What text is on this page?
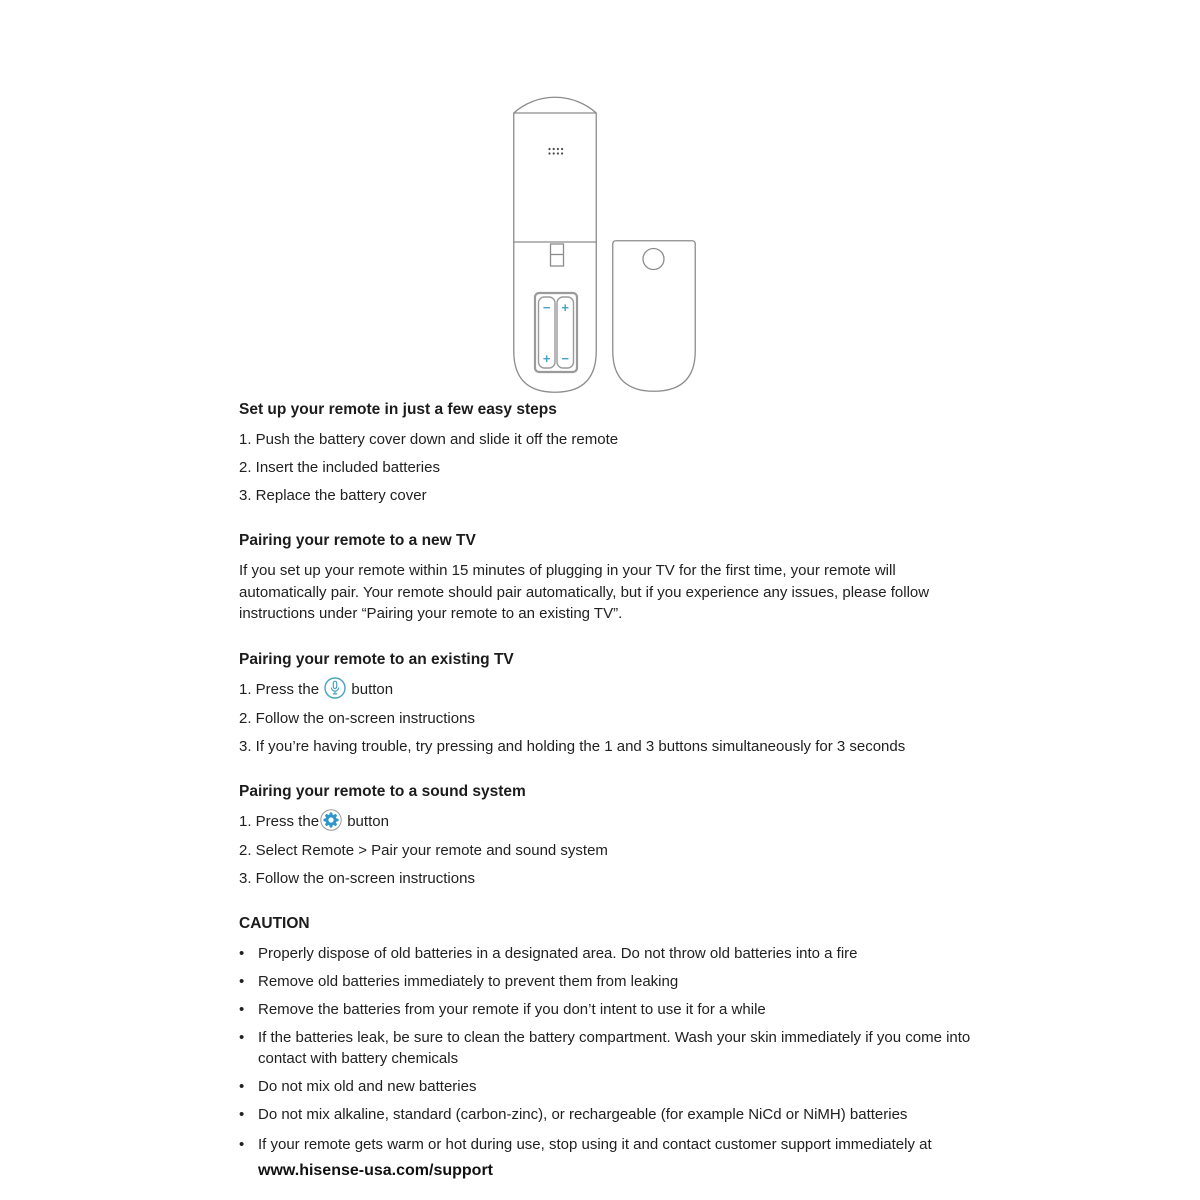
−
+
+
−
Set up your remote in just a few easy steps
1. Push the battery cover down and slide it off the remote
2. Insert the included batteries
3. Replace the battery cover
Pairing your remote to a new TV

If you set up your remote within 15 minutes of plugging in your TV for the first time, your remote will automatically pair. Your remote should pair automatically, but if you experience any issues, please follow instructions under “Pairing your remote to an existing TV”.

Pairing your remote to an existing TV
1. Press the  button
2. Follow the on-screen instructions
3. If you’re having trouble, try pressing and holding the 1 and 3 buttons simultaneously for 3 seconds
Pairing your remote to a sound system
1. Press the button
2. Select Remote > Pair your remote and sound system
3. Follow the on-screen instructions
CAUTION
• Properly dispose of old batteries in a designated area. Do not throw old batteries into a fire
• Remove old batteries immediately to prevent them from leaking
• Remove the batteries from your remote if you don’t intent to use it for a while
• If the batteries leak, be sure to clean the battery compartment. Wash your skin immediately if you come into contact with battery chemicals
• Do not mix old and new batteries
• Do not mix alkaline, standard (carbon-zinc), or rechargeable (for example NiCd or NiMH) batteries
• If your remote gets warm or hot during use, stop using it and contact customer support immediately at www.hisense-usa.com/support
